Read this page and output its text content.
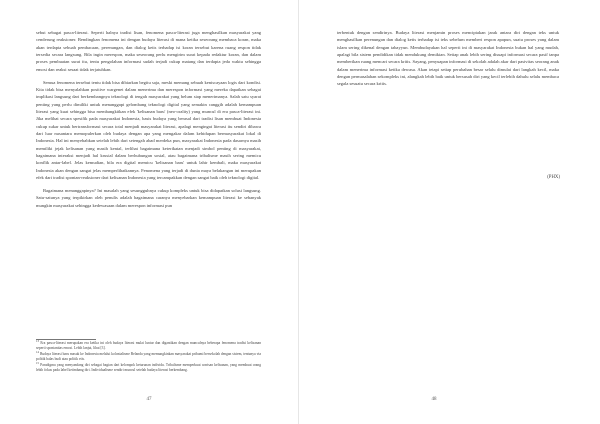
sebut sebagai pasca-literasi. Seperti halnya tradisi lisan, fenomena pasca-literasi juga menghasilkan masyarakat yang cenderung reaksioner. Bendingkan fenomena ini dengan budaya literasi di mana ketika seseorang membaca koran, maka akan terdapta sebuah pembacaan, perenungan, dan dialog ketis terhadap isi koran tersebut karena ruang respon tidak tersedia secara langsung. Bila ingin merespon, maka seseorang perlu mengirim surat kepada redaktur koran, dan dalam proses pembuatan surat itu, tentu pengolahan informasi sudah terjadi cukup matang dan terdapta jeda waktu sehingga emosi dan reaksi sesaat tidak terjatuhkan.

Semua fenomena tersebut tentu tidak bisa dibiarkan begitu saja, meski memang sebuah keniscayaan logis dari kondisi. Kita tidak bisa menyalahkan positive wargenet dalam menerima dan merespon informasi yang mereka dapatkan sebagai implikasi langsung dari berkembangnya teknologi di tengah masyarakat yang belum siap menerimanya. Salah satu syarat penting yang perlu dimiliki untuk menanggapi gelombang teknologi digital yang semakin canggih adalah kemampuan literasi yang kuat sehingga bisa membangkitkan efek 'kelisanan baru' (neo-orality) yang muncul di era pasca-literasi ini. Jika melihat secara spesifik pada masyarakat Indonesia, basis budaya yang berasal dari tradisi lisan membuat Indonesia cukup sukar untuk bertransformasi secara total menjadi masyarakat literasi, apalagi mengingat literasi itu sendiri dibawa dari luar nusantara memopulerkan oleh budaya dengan apa yang mengakar dalam kehidupan bermasyarakat lokal di Indonesia. Hal ini menyebabkan setelah lebih dari setengah abad merdeka pun, masyarakat Indonesia pada dasarnya masih memiliki jejak kelisanan yang masih kental, terlihat bagaimana keterikatan menjadi simbol penting di masyarakat, bagaimana interaksi menjadi hal krusial dalam berhubungan sosial, atau bagaimana tribalisme masih sering memicu konflik antar-label. Jelas kemudian, bila era digital memicu 'kelisanan baru' untuk lahir kembali, maka masyarakat Indonesia akan dengan sangat jelas memperlihatkannya. Fenomena yang terjadi di dunia maya belakangan ini merupakan efek dari tradisi spontan-reaksioner dari kelisanan Indonesia yang tercampakkan dengan sangat baik oleh teknologi digital.

Bagaimana menanggapinya? Ini masalah yang sesungguhnya cukup kompleks untuk bisa didapatkan solusi langsung. Satu-satunya yang terpikirkan oleh penulis adalah bagaimana caranya menyebarkan kemampuan literasi ke sebanyak mungkin masyarakat sehingga kedewasaan dalam merespon informasi pun

$^{13}$ Era pasca-literasi merupakan era ketika ini oleh budaya literasi mulai luntur dan digantikan dengan munculnya beberapa fenomena tradisi kelisanan seperti spontanitas emosi. Lebih lanjut, lihat [3].

$^{14}$ Budaya literasi baru masuk ke Indonesia melalui kolonialisme Belanda yang memungkinkan masyarakat pribumi bersekolah dengan sistem, tentunya via politik balas budi atau politik etis.

$^{15}$ Paradigma yang menyandang diri sebagai bagian dari kelompok keturunan individu. Tribalisme memperkuat warisan kelisanan, yang membuat orang lebih fokus pada label ketimbang diri. Individualisme sendiri muncul setelah budaya literasi berkembang.

47

terbentuk dengan sendirinya. Budaya literasi menjamin proses menciptakan jarak antara diri dengan teks untuk menghasilkan perenungan dan dialog ketis terhadap isi teks sebelum memberi respon apapun, suatu proses yang dalam islam sering dikenal dengan tabayyun. Membudayakan hal seperti ini di masyarakat Indonesia bukan hal yang mudah, apalagi bila sistem pendidikan tidak mendukung demikian. Setiap anak lebih sering disuapi informasi secara pasif tanpa memberikan ruang mencari secara kritis. Sayang, penyuapan informasi di sekolah adalah akar dari pasivitas seorang anak dalam menerima informasi ketika dewasa. Akan tetapi setiap perubahan besar selalu dimulai dari langkah kecil, maka dengan permasalahan sekompleks ini, alangkah lebih baik untuk bersusah diri yang kecil terlebih dahulu selalu membaca segala sesuatu secara kritis.

(PHX)
48
